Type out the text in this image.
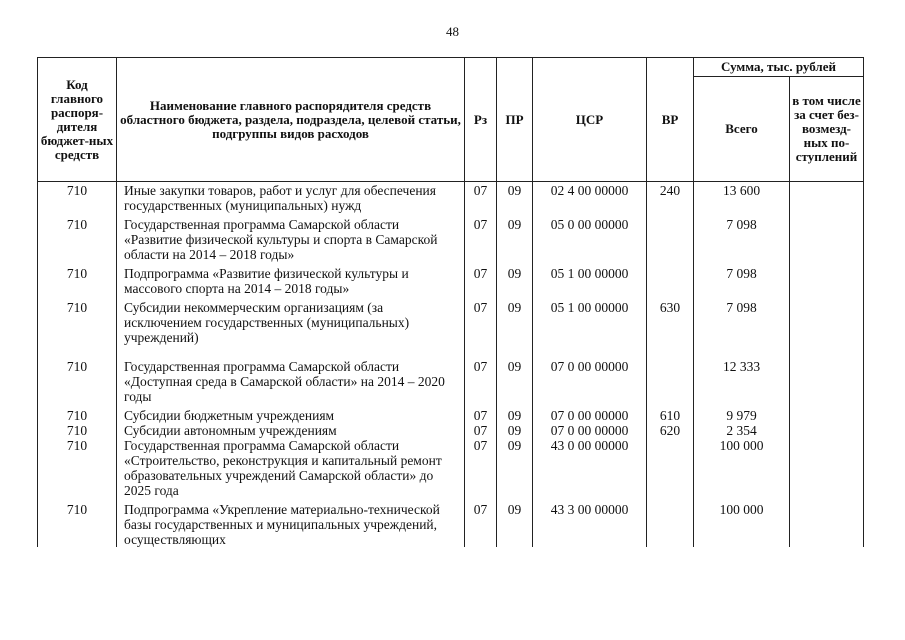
48
Код главного распоря-дителя бюджет-ных средств	Наименование главного распорядителя средств областного бюджета, раздела, подраздела, целевой статьи, подгруппы видов расходов	Рз	ПР	ЦСР	ВР	Сумма, тыс. рублей	
						Всего	в том числе за счет без-возмезд-ных по-ступлений
710	Иные закупки товаров, работ и услуг для обеспечения государственных (муниципальных) нужд	07	09	02 4 00 00000	240	13 600	
710	Государственная программа Самарской области «Развитие физической культуры и спорта в Самарской области на 2014 – 2018 годы»	07	09	05 0 00 00000		7 098	
710	Подпрограмма «Развитие физической культуры и массового спорта на 2014 – 2018 годы»	07	09	05 1 00 00000		7 098	
710	Субсидии некоммерческим организациям (за исключением государственных (муниципальных) учреждений)	07	09	05 1 00 00000	630	7 098	
710	Государственная программа Самарской области «Доступная среда в Самарской области» на 2014 – 2020 годы	07	09	07 0 00 00000		12 333	
710	Субсидии бюджетным учреждениям	07	09	07 0 00 00000	610	9 979	
710	Субсидии автономным учреждениям	07	09	07 0 00 00000	620	2 354	
710	Государственная программа Самарской области «Строительство, реконструкция и капитальный ремонт образовательных учреждений Самарской области» до 2025 года	07	09	43 0 00 00000		100 000	
710	Подпрограмма «Укрепление материально-технической базы государственных и муниципальных учреждений, осуществляющих	07	09	43 3 00 00000		100 000	
